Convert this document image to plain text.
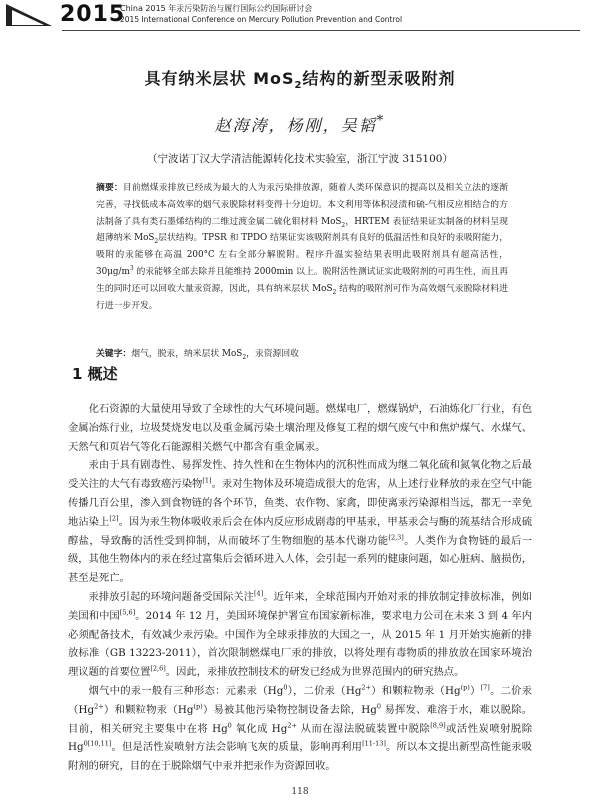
2015
China 2015 年汞污染防治与履行国际公约国际研讨会
2015 International Conference on Mercury Pollution Prevention and Control
具有纳米层状 MoS$_2$结构的新型汞吸附剂
赵海涛，杨刚，吴韬*
（宁波诺丁汉大学清洁能源转化技术实验室，浙江宁波 315100）

摘要：目前燃煤汞排放已经成为最大的人为汞污染排放源，随着人类环保意识的提高以及相关立法的逐渐完善，寻找低成本高效率的烟气汞脱除材料变得十分迫切。本文利用等体积浸渍和硫-气相反应相结合的方法制备了具有类石墨烯结构的二维过渡金属二硫化钼材料 MoS$_2$，HRTEM 表征结果证实制备的材料呈现超薄纳米 MoS$_2$层状结构。TPSR 和 TPDO 结果证实该吸附剂具有良好的低温活性和良好的汞吸附能力，吸附的汞能够在高温 200°C 左右全部分解脱附。程序升温实验结果表明此吸附剂具有超高活性，$30\mu g/m^3$ 的汞能够全部去除并且能维持 2000min 以上。脱附活性测试证实此吸附剂的可再生性，而且再生的同时还可以回收大量汞资源，因此，具有纳米层状 MoS$_2$ 结构的吸附剂可作为高效烟气汞脱除材料进行进一步开发。

关键字：烟气，脱汞，纳米层状 MoS$_2$，汞资源回收

1 概述

化石资源的大量使用导致了全球性的大气环境问题。燃煤电厂，燃煤锅炉，石油炼化厂行业，有色金属冶炼行业，垃圾焚烧发电以及重金属污染土壤治理及修复工程的烟气废气中和焦炉煤气、水煤气、天然气和页岩气等化石能源相关燃气中都含有重金属汞。

汞由于具有剧毒性、易挥发性、持久性和在生物体内的沉积性而成为继二氧化硫和氮氧化物之后最受关注的大气有毒致癌污染物[1]。汞对生物体及环境造成很大的危害，从上述行业释放的汞在空气中能传播几百公里，渗入到食物链的各个环节，鱼类、农作物、家禽，即使离汞污染源相当远，都无一幸免地沾染上[2]。因为汞生物体吸收汞后会在体内反应形成剧毒的甲基汞，甲基汞会与酶的巯基结合形成硫醇盐，导致酶的活性受到抑制，从而破坏了生物细胞的基本代谢功能[2,3]。人类作为食物链的最后一级，其他生物体内的汞在经过富集后会循环进入人体，会引起一系列的健康问题，如心脏病、脑损伤，甚至是死亡。

汞排放引起的环境问题备受国际关注[4]。近年来，全球范围内开始对汞的排放制定排放标准，例如美国和中国[5,6]。2014 年 12 月，美国环境保护署宣布国家新标准，要求电力公司在未来 3 到 4 年内必须配备技术，有效减少汞污染。中国作为全球汞排放的大国之一，从 2015 年 1 月开始实施新的排放标准（GB 13223-2011），首次限制燃煤电厂汞的排放，以将处理有毒物质的排放放在国家环境治理议题的首要位置[2,6]。因此，汞排放控制技术的研发已经成为世界范围内的研究热点。

烟气中的汞一般有三种形态：元素汞（Hg$^0$），二价汞$(Hg^{2+})$和颗粒物汞（Hg$^{(p)}$）[7]。二价汞$(Hg^{2+})$和颗粒物汞（Hg$^{(p)}$）易被其他污染物控制设备去除，Hg$^0$ 易挥发、难溶于水，难以脱除。目前，相关研究主要集中在将 Hg$^0$ 氧化成 $Hg^{2+}$ 从而在湿法脱硫装置中脱除[8,9]或活性炭喷射脱除 $Hg^{0[10,11]}$。但是活性炭喷射方法会影响飞灰的质量，影响再利用[11-13]。所以本文提出新型高性能汞吸附剂的研究，目的在于脱除烟气中汞并把汞作为资源回收。

118
